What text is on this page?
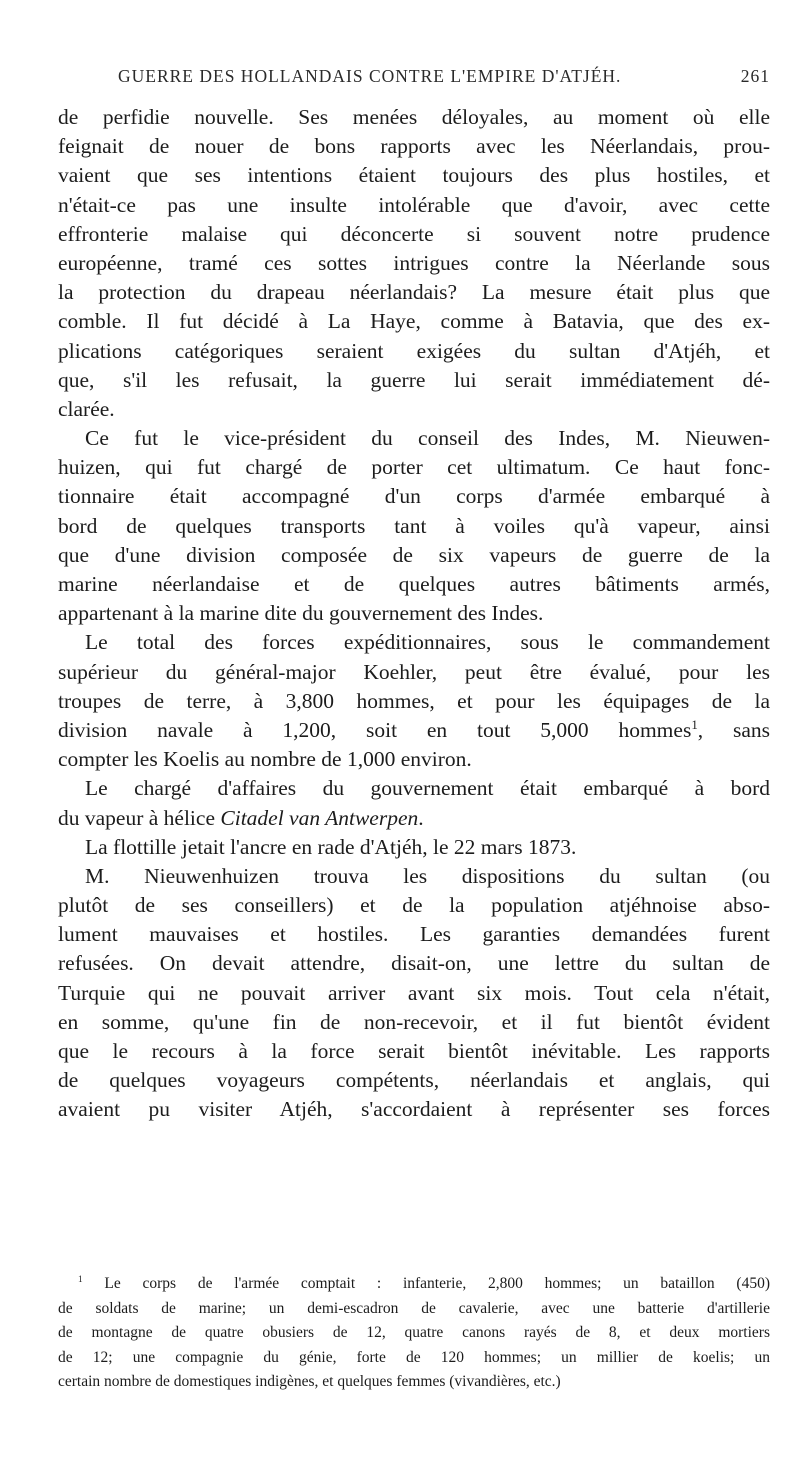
GUERRE DES HOLLANDAIS CONTRE L'EMPIRE D'ATJÉH.	261
de perfidie nouvelle. Ses menées déloyales, au moment où elle
feignait de nouer de bons rapports avec les Néerlandais, prou-
vaient que ses intentions étaient toujours des plus hostiles, et
n'était-ce pas une insulte intolérable que d'avoir, avec cette
effronterie malaise qui déconcerte si souvent notre prudence
européenne, tramé ces sottes intrigues contre la Néerlande sous
la protection du drapeau néerlandais? La mesure était plus que
comble. Il fut décidé à La Haye, comme à Batavia, que des ex-
plications catégoriques seraient exigées du sultan d'Atjéh, et
que, s'il les refusait, la guerre lui serait immédiatement dé-
clarée.
Ce fut le vice-président du conseil des Indes, M. Nieuwen-
huizen, qui fut chargé de porter cet ultimatum. Ce haut fonc-
tionnaire était accompagné d'un corps d'armée embarqué à
bord de quelques transports tant à voiles qu'à vapeur, ainsi
que d'une division composée de six vapeurs de guerre de la
marine néerlandaise et de quelques autres bâtiments armés,
appartenant à la marine dite du gouvernement des Indes.
Le total des forces expéditionnaires, sous le commandement
supérieur du général-major Koehler, peut être évalué, pour les
troupes de terre, à 3,800 hommes, et pour les équipages de la
division navale à 1,200, soit en tout 5,000 hommes$^1$, sans
compter les Koelis au nombre de 1,000 environ.
Le chargé d'affaires du gouvernement était embarqué à bord
du vapeur à hélice Citadel van Antwerpen.
La flottille jetait l'ancre en rade d'Atjéh, le 22 mars 1873.
M. Nieuwenhuizen trouva les dispositions du sultan (ou
plutôt de ses conseillers) et de la population atjéhnoise abso-
lument mauvaises et hostiles. Les garanties demandées furent
refusées. On devait attendre, disait-on, une lettre du sultan de
Turquie qui ne pouvait arriver avant six mois. Tout cela n'était,
en somme, qu'une fin de non-recevoir, et il fut bientôt évident
que le recours à la force serait bientôt inévitable. Les rapports
de quelques voyageurs compétents, néerlandais et anglais, qui
avaient pu visiter Atjéh, s'accordaient à représenter ses forces
$^1$ Le corps de l'armée comptait : infanterie, 2,800 hommes; un bataillon (450)
de soldats de marine; un demi-escadron de cavalerie, avec une batterie d'artillerie
de montagne de quatre obusiers de 12, quatre canons rayés de 8, et deux mortiers
de 12; une compagnie du génie, forte de 120 hommes; un millier de koelis; un
certain nombre de domestiques indigènes, et quelques femmes (vivandières, etc.)
